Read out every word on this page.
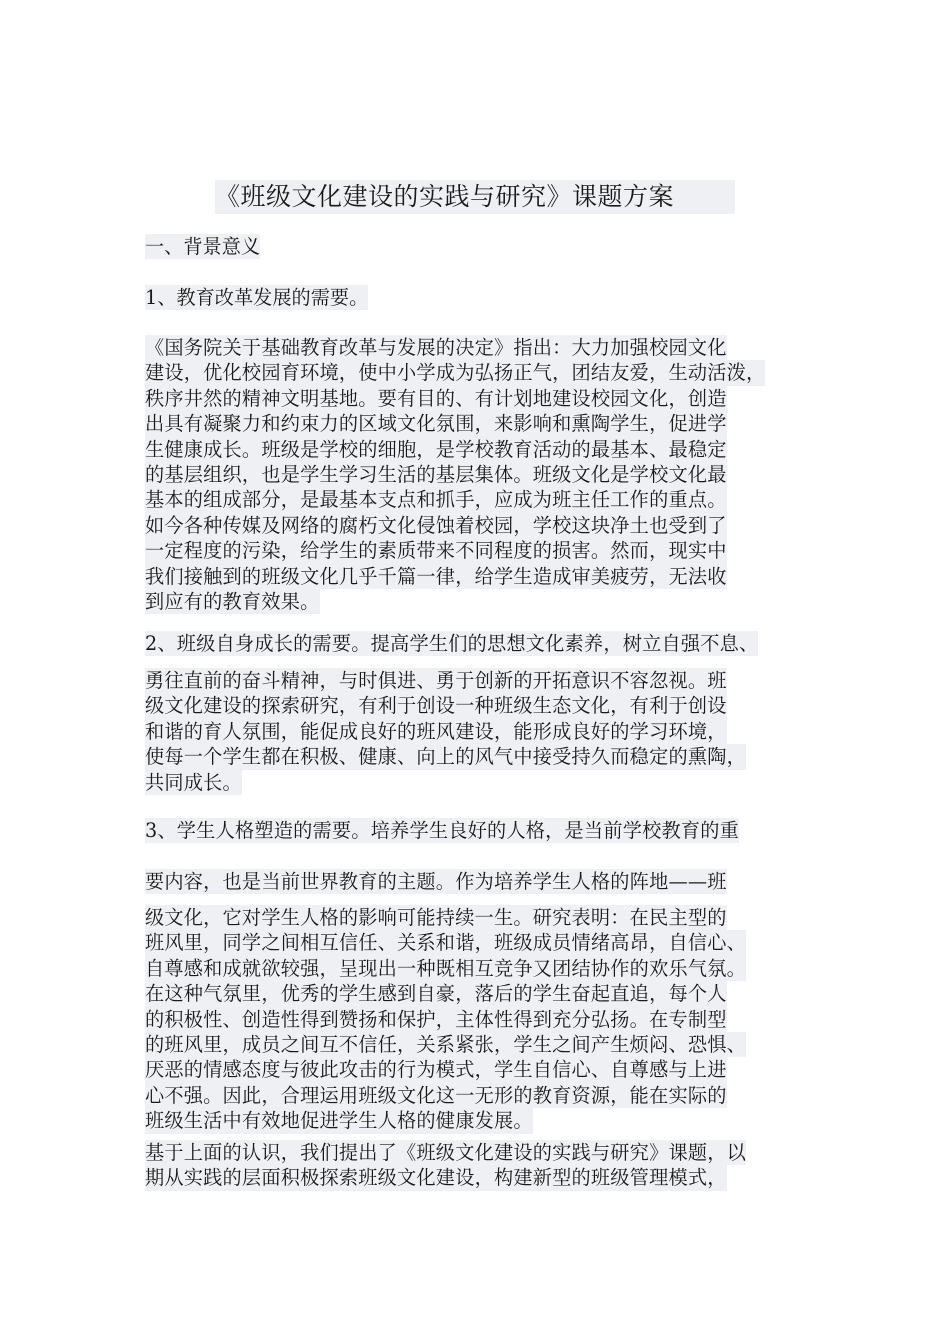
《班级文化建设的实践与研究》课题方案
一、背景意义
1、教育改革发展的需要。
《国务院关于基础教育改革与发展的决定》指出：大力加强校园文化
建设，优化校园育环境，使中小学成为弘扬正气，团结友爱，生动活泼，
秩序井然的精神文明基地。要有目的、有计划地建设校园文化，创造
出具有凝聚力和约束力的区域文化氛围，来影响和熏陶学生，促进学
生健康成长。班级是学校的细胞，是学校教育活动的最基本、最稳定
的基层组织，也是学生学习生活的基层集体。班级文化是学校文化最
基本的组成部分，是最基本支点和抓手，应成为班主任工作的重点。
如今各种传媒及网络的腐朽文化侵蚀着校园，学校这块净土也受到了
一定程度的污染，给学生的素质带来不同程度的损害。然而，现实中
我们接触到的班级文化几乎千篇一律，给学生造成审美疲劳，无法收
到应有的教育效果。
2、班级自身成长的需要。提高学生们的思想文化素养，树立自强不息、
勇往直前的奋斗精神，与时俱进、勇于创新的开拓意识不容忽视。班
级文化建设的探索研究，有利于创设一种班级生态文化，有利于创设
和谐的育人氛围，能促成良好的班风建设，能形成良好的学习环境，
使每一个学生都在积极、健康、向上的风气中接受持久而稳定的熏陶，
共同成长。
3、学生人格塑造的需要。培养学生良好的人格，是当前学校教育的重
要内容，也是当前世界教育的主题。作为培养学生人格的阵地——班
级文化，它对学生人格的影响可能持续一生。研究表明：在民主型的
班风里，同学之间相互信任、关系和谐，班级成员情绪高昂，自信心、
自尊感和成就欲较强，呈现出一种既相互竞争又团结协作的欢乐气氛。
在这种气氛里，优秀的学生感到自豪，落后的学生奋起直追，每个人
的积极性、创造性得到赞扬和保护，主体性得到充分弘扬。在专制型
的班风里，成员之间互不信任，关系紧张，学生之间产生烦闷、恐惧、
厌恶的情感态度与彼此攻击的行为模式，学生自信心、自尊感与上进
心不强。因此，合理运用班级文化这一无形的教育资源，能在实际的
班级生活中有效地促进学生人格的健康发展。
基于上面的认识，我们提出了《班级文化建设的实践与研究》课题，以
期从实践的层面积极探索班级文化建设，构建新型的班级管理模式，
